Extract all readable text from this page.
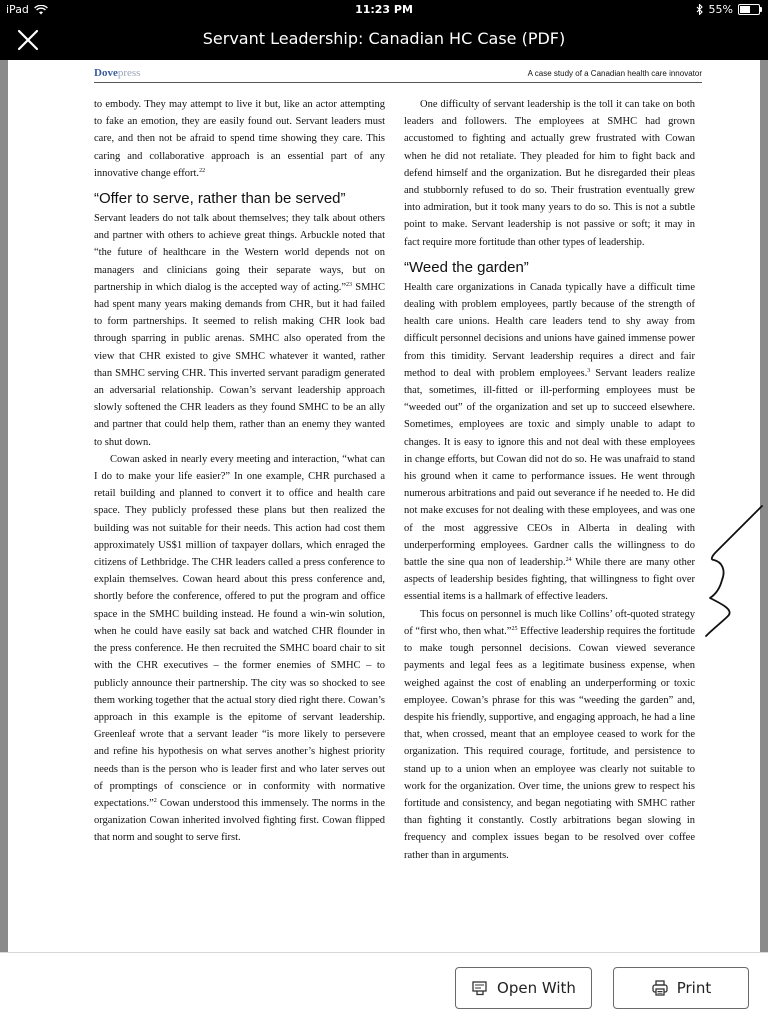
iPad	11:23 PM	55%
Servant Leadership: Canadian HC Case (PDF)
Dovepress	A case study of a Canadian health care innovator

to embody. They may attempt to live it but, like an actor attempting to fake an emotion, they are easily found out. Servant leaders must care, and then not be afraid to spend time showing they care. This caring and collaborative approach is an essential part of any innovative change effort.$^{22}$

“Offer to serve, rather than be served”

Servant leaders do not talk about themselves; they talk about others and partner with others to achieve great things. Arbuckle noted that “the future of healthcare in the Western world depends not on managers and clinicians going their separate ways, but on partnership in which dialog is the accepted way of acting.”$^{23}$ SMHC had spent many years making demands from CHR, but it had failed to form partnerships. It seemed to relish making CHR look bad through sparring in public arenas. SMHC also operated from the view that CHR existed to give SMHC whatever it wanted, rather than SMHC serving CHR. This inverted servant paradigm generated an adversarial relationship. Cowan’s servant leadership approach slowly softened the CHR leaders as they found SMHC to be an ally and partner that could help them, rather than an enemy they wanted to shut down.

Cowan asked in nearly every meeting and interaction, “what can I do to make your life easier?” In one example, CHR purchased a retail building and planned to convert it to office and health care space. They publicly professed these plans but then realized the building was not suitable for their needs. This action had cost them approximately US$1 million of taxpayer dollars, which enraged the citizens of Lethbridge. The CHR leaders called a press conference to explain themselves. Cowan heard about this press conference and, shortly before the conference, offered to put the program and office space in the SMHC building instead. He found a win-win solution, when he could have easily sat back and watched CHR flounder in the press conference. He then recruited the SMHC board chair to sit with the CHR executives – the former enemies of SMHC – to publicly announce their partnership. The city was so shocked to see them working together that the actual story died right there. Cowan’s approach in this example is the epitome of servant leadership. Greenleaf wrote that a servant leader “is more likely to persevere and refine his hypothesis on what serves another’s highest priority needs than is the person who is leader first and who later serves out of promptings of conscience or in conformity with normative expectations.”$^2$ Cowan understood this immensely. The norms in the organization Cowan inherited involved fighting first. Cowan flipped that norm and sought to serve first.

One difficulty of servant leadership is the toll it can take on both leaders and followers. The employees at SMHC had grown accustomed to fighting and actually grew frustrated with Cowan when he did not retaliate. They pleaded for him to fight back and defend himself and the organization. But he disregarded their pleas and stubbornly refused to do so. Their frustration eventually grew into admiration, but it took many years to do so. This is not a subtle point to make. Servant leadership is not passive or soft; it may in fact require more fortitude than other types of leadership.

“Weed the garden”

Health care organizations in Canada typically have a difficult time dealing with problem employees, partly because of the strength of health care unions. Health care leaders tend to shy away from difficult personnel decisions and unions have gained immense power from this timidity. Servant leadership requires a direct and fair method to deal with problem employees.$^3$ Servant leaders realize that, sometimes, ill-fitted or ill-performing employees must be “weeded out” of the organization and set up to succeed elsewhere. Sometimes, employees are toxic and simply unable to adapt to changes. It is easy to ignore this and not deal with these employees in change efforts, but Cowan did not do so. He was unafraid to stand his ground when it came to performance issues. He went through numerous arbitrations and paid out severance if he needed to. He did not make excuses for not dealing with these employees, and was one of the most aggressive CEOs in Alberta in dealing with underperforming employees. Gardner calls the willingness to do battle the sine qua non of leadership.$^{24}$ While there are many other aspects of leadership besides fighting, that willingness to fight over essential items is a hallmark of effective leaders.

This focus on personnel is much like Collins’ oft-quoted strategy of “first who, then what.”$^{25}$ Effective leadership requires the fortitude to make tough personnel decisions. Cowan viewed severance payments and legal fees as a legitimate business expense, when weighed against the cost of enabling an underperforming or toxic employee. Cowan’s phrase for this was “weeding the garden” and, despite his friendly, supportive, and engaging approach, he had a line that, when crossed, meant that an employee ceased to work for the organization. This required courage, fortitude, and persistence to stand up to a union when an employee was clearly not suitable to work for the organization. Over time, the unions grew to respect his fortitude and consistency, and began negotiating with SMHC rather than fighting it constantly. Costly arbitrations began slowing in frequency and complex issues began to be resolved over coffee rather than in arguments.

Open With	Print
